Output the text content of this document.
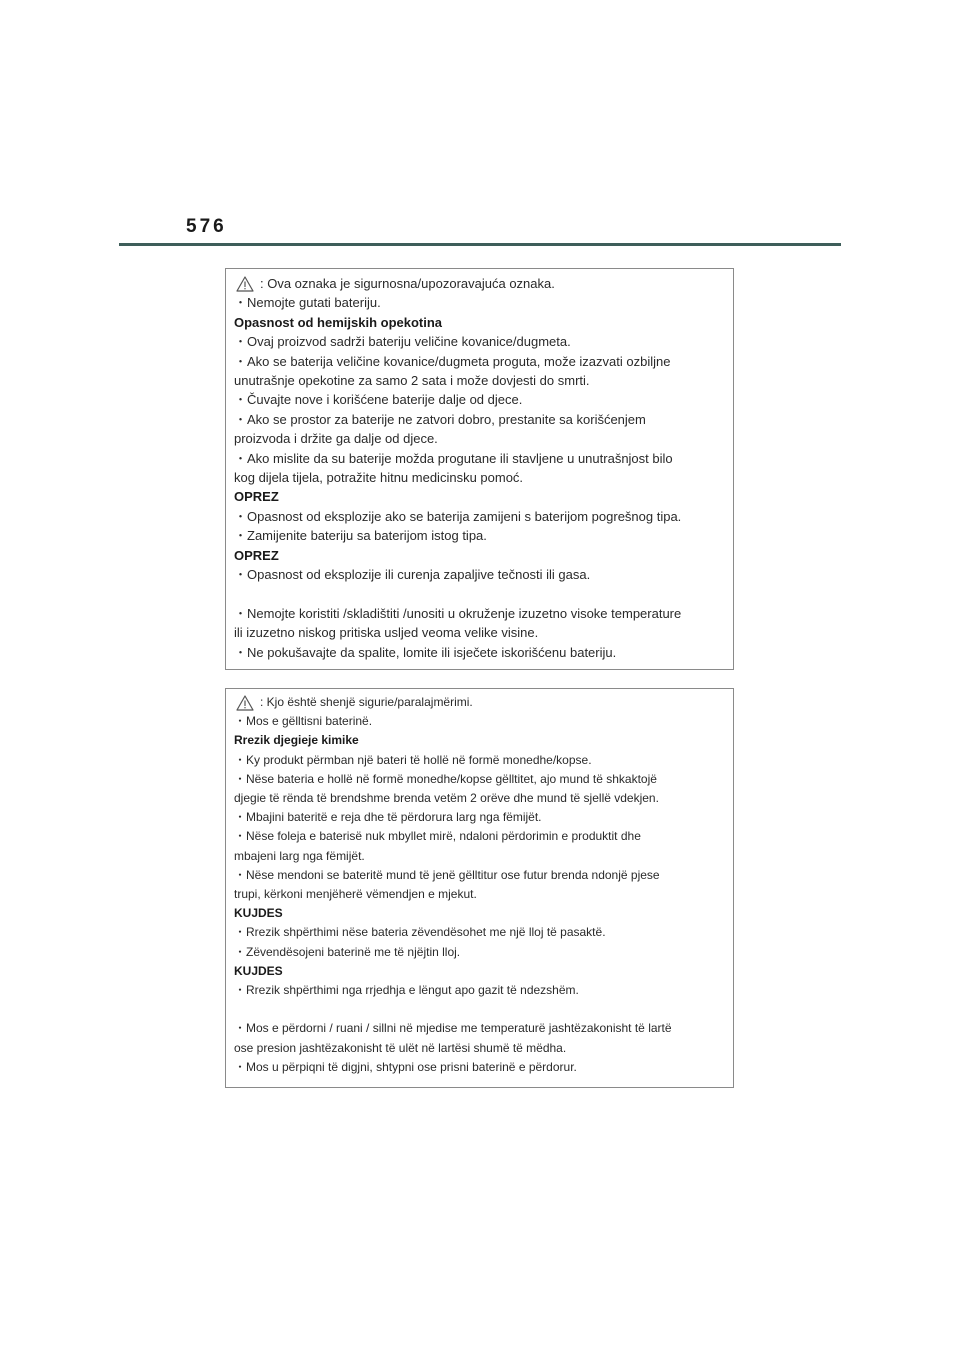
576
: Ova oznaka je sigurnosna/upozoravajuća oznaka.
・Nemojte gutati bateriju.
Opasnost od hemijskih opekotina
・Ovaj proizvod sadrži bateriju veličine kovanice/dugmeta.
・Ako se baterija veličine kovanice/dugmeta proguta, može izazvati ozbiljne
unutrašnje opekotine za samo 2 sata i može dovjesti do smrti.
・Čuvajte nove i korišćene baterije dalje od djece.
・Ako se prostor za baterije ne zatvori dobro, prestanite sa korišćenjem
proizvoda i držite ga dalje od djece.
・Ako mislite da su baterije možda progutane ili stavljene u unutrašnjost bilo
kog dijela tijela, potražite hitnu medicinsku pomoć.
OPREZ
・Opasnost od eksplozije ako se baterija zamijeni s baterijom pogrešnog tipa.
・Zamijenite bateriju sa baterijom istog tipa.
OPREZ
・Opasnost od eksplozije ili curenja zapaljive tečnosti ili gasa.
・Nemojte koristiti /skladištiti /unositi u okruženje izuzetno visoke temperature
ili izuzetno niskog pritiska usljed veoma velike visine.
・Ne pokušavajte da spalite, lomite ili isječete iskorišćenu bateriju.
: Kjo është shenjë sigurie/paralajmërimi.
・Mos e gëlltisni baterinë.
Rrezik djegieje kimike
・Ky produkt përmban një bateri të hollë në formë monedhe/kopse.
・Nëse bateria e hollë në formë monedhe/kopse gëlltitet, ajo mund të shkaktojë
djegie të rënda të brendshme brenda vetëm 2 orëve dhe mund të sjellë vdekjen.
・Mbajini bateritë e reja dhe të përdorura larg nga fëmijët.
・Nëse foleja e baterisë nuk mbyllet mirë, ndaloni përdorimin e produktit dhe
mbajeni larg nga fëmijët.
・Nëse mendoni se bateritë mund të jenë gëlltitur ose futur brenda ndonjë pjese
trupi, kërkoni menjëherë vëmendjen e mjekut.
KUJDES
・Rrezik shpërthimi nëse bateria zëvendësohet me një lloj të pasaktë.
・Zëvendësojeni baterinë me të njëjtin lloj.
KUJDES
・Rrezik shpërthimi nga rrjedhja e lëngut apo gazit të ndezshëm.
・Mos e përdorni / ruani / sillni në mjedise me temperaturë jashtëzakonisht të lartë
ose presion jashtëzakonisht të ulët në lartësi shumë të mëdha.
・Mos u përpiqni të digjni, shtypni ose prisni baterinë e përdorur.
